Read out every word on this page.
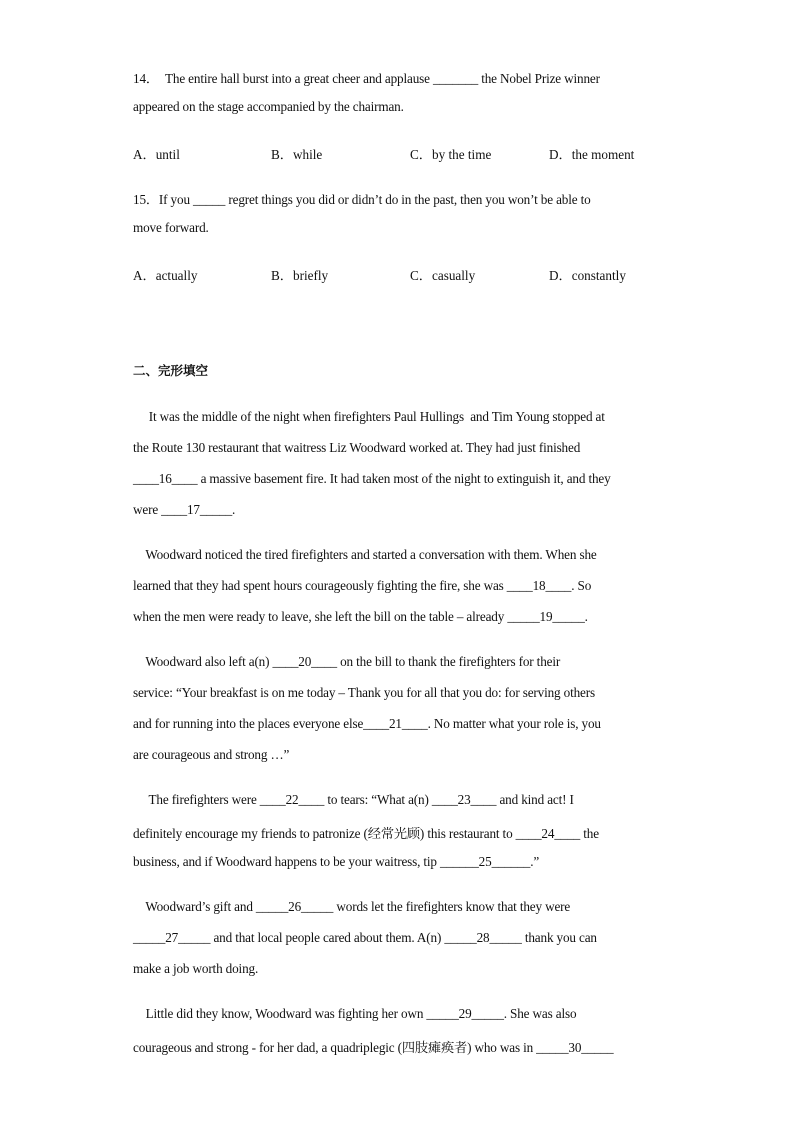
14．  The entire hall burst into a great cheer and applause _______ the Nobel Prize winner
appeared on the stage accompanied by the chairman.
A．until	B．while	C．by the time	D．the moment
15．If you _____ regret things you did or didn’t do in the past, then you won’t be able to
move forward.
A．actually	B．briefly	C．casually	D．constantly
二、完形填空
It was the middle of the night when firefighters Paul Hullings  and Tim Young stopped at
the Route 130 restaurant that waitress Liz Woodward worked at. They had just finished
____16____ a massive basement fire. It had taken most of the night to extinguish it, and they
were ____17_____.
Woodward noticed the tired firefighters and started a conversation with them. When she
learned that they had spent hours courageously fighting the fire, she was ____18____. So
when the men were ready to leave, she left the bill on the table – already _____19_____.
Woodward also left a(n) ____20____ on the bill to thank the firefighters for their
service: “Your breakfast is on me today – Thank you for all that you do: for serving others
and for running into the places everyone else____21____. No matter what your role is, you
are courageous and strong …”
The firefighters were ____22____ to tears: “What a(n) ____23____ and kind act! I
definitely encourage my friends to patronize (经常光顾) this restaurant to ____24____ the
business, and if Woodward happens to be your waitress, tip ______25______.”
Woodward’s gift and _____26_____ words let the firefighters know that they were
_____27_____ and that local people cared about them. A(n) _____28_____ thank you can
make a job worth doing.
Little did they know, Woodward was fighting her own _____29_____. She was also
courageous and strong - for her dad, a quadriplegic (四肢瘫痪者) who was in _____30_____
